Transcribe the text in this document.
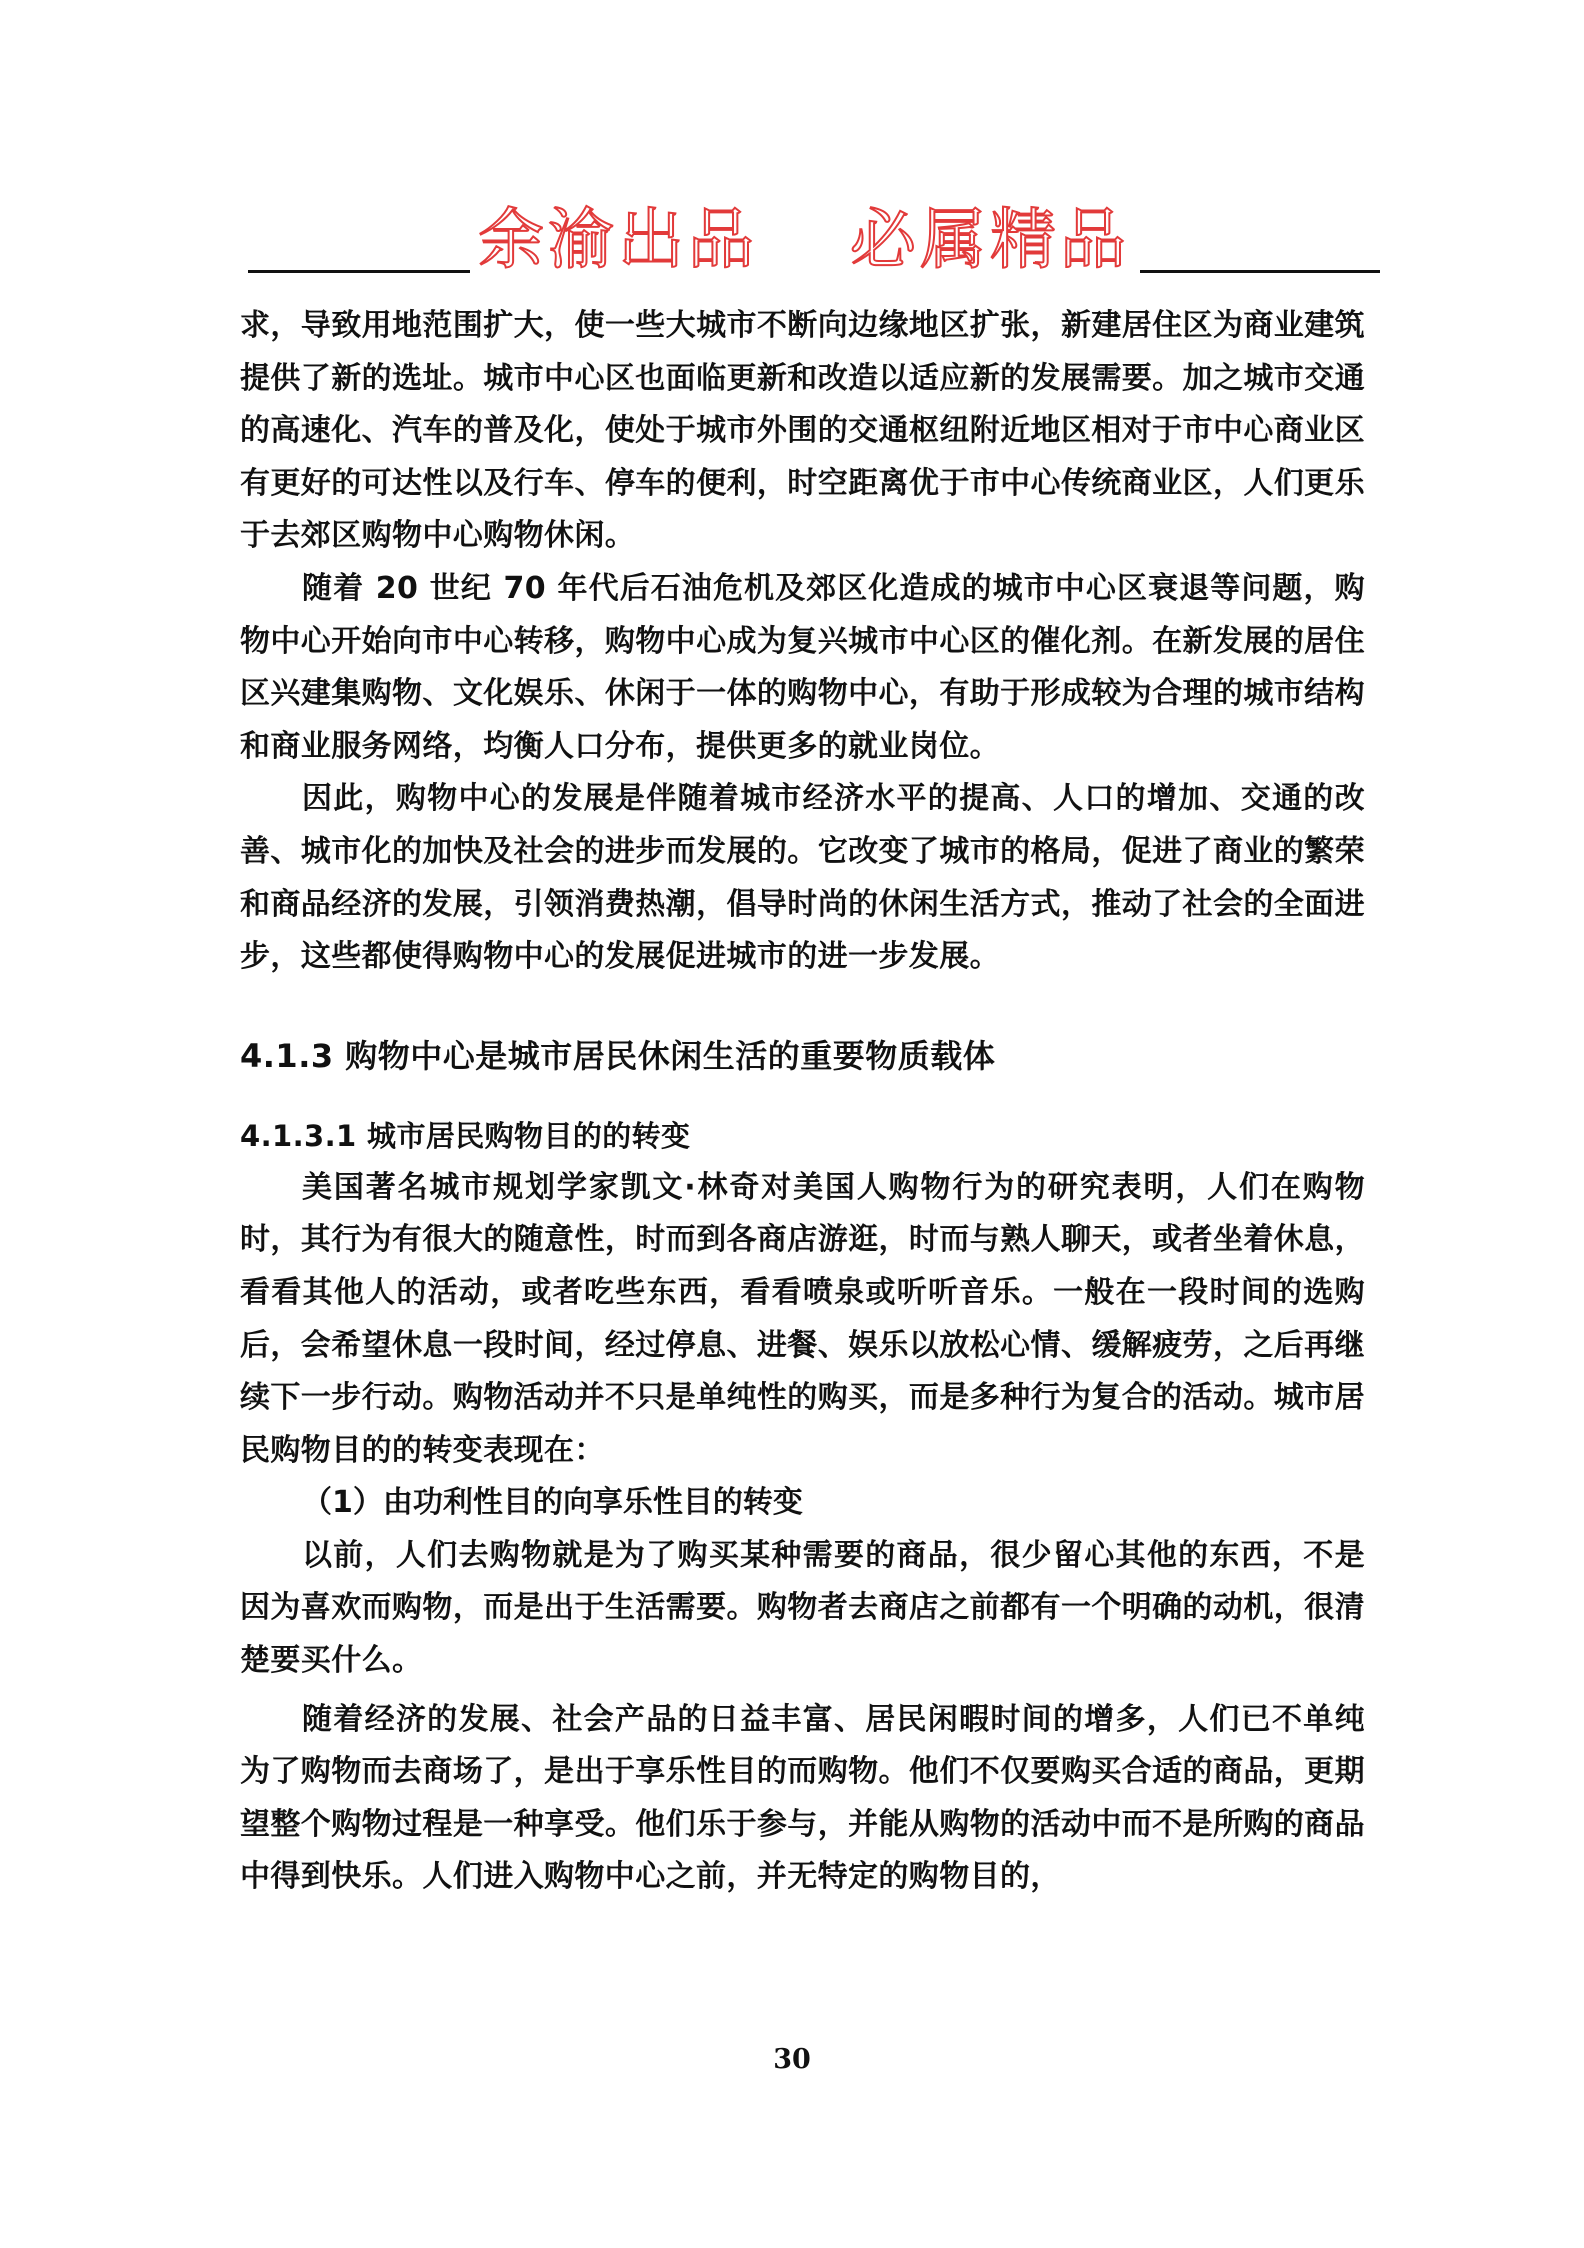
余渝出品 必属精品

求，导致用地范围扩大，使一些大城市不断向边缘地区扩张，新建居住区为商业建筑提供了新的选址。城市中心区也面临更新和改造以适应新的发展需要。加之城市交通的高速化、汽车的普及化，使处于城市外围的交通枢纽附近地区相对于市中心商业区有更好的可达性以及行车、停车的便利，时空距离优于市中心传统商业区，人们更乐于去郊区购物中心购物休闲。

随着 20 世纪 70 年代后石油危机及郊区化造成的城市中心区衰退等问题，购物中心开始向市中心转移，购物中心成为复兴城市中心区的催化剂。在新发展的居住区兴建集购物、文化娱乐、休闲于一体的购物中心，有助于形成较为合理的城市结构和商业服务网络，均衡人口分布，提供更多的就业岗位。

因此，购物中心的发展是伴随着城市经济水平的提高、人口的增加、交通的改善、城市化的加快及社会的进步而发展的。它改变了城市的格局，促进了商业的繁荣和商品经济的发展，引领消费热潮，倡导时尚的休闲生活方式，推动了社会的全面进步，这些都使得购物中心的发展促进城市的进一步发展。

4.1.3 购物中心是城市居民休闲生活的重要物质载体
4.1.3.1 城市居民购物目的的转变

美国著名城市规划学家凯文·林奇对美国人购物行为的研究表明，人们在购物时，其行为有很大的随意性，时而到各商店游逛，时而与熟人聊天，或者坐着休息，看看其他人的活动，或者吃些东西，看看喷泉或听听音乐。一般在一段时间的选购后，会希望休息一段时间，经过停息、进餐、娱乐以放松心情、缓解疲劳，之后再继续下一步行动。购物活动并不只是单纯性的购买，而是多种行为复合的活动。城市居民购物目的的转变表现在：

（1）由功利性目的向享乐性目的转变

以前，人们去购物就是为了购买某种需要的商品，很少留心其他的东西，不是因为喜欢而购物，而是出于生活需要。购物者去商店之前都有一个明确的动机，很清楚要买什么。

随着经济的发展、社会产品的日益丰富、居民闲暇时间的增多，人们已不单纯为了购物而去商场了，是出于享乐性目的而购物。他们不仅要购买合适的商品，更期望整个购物过程是一种享受。他们乐于参与，并能从购物的活动中而不是所购的商品中得到快乐。人们进入购物中心之前，并无特定的购物目的，

30
